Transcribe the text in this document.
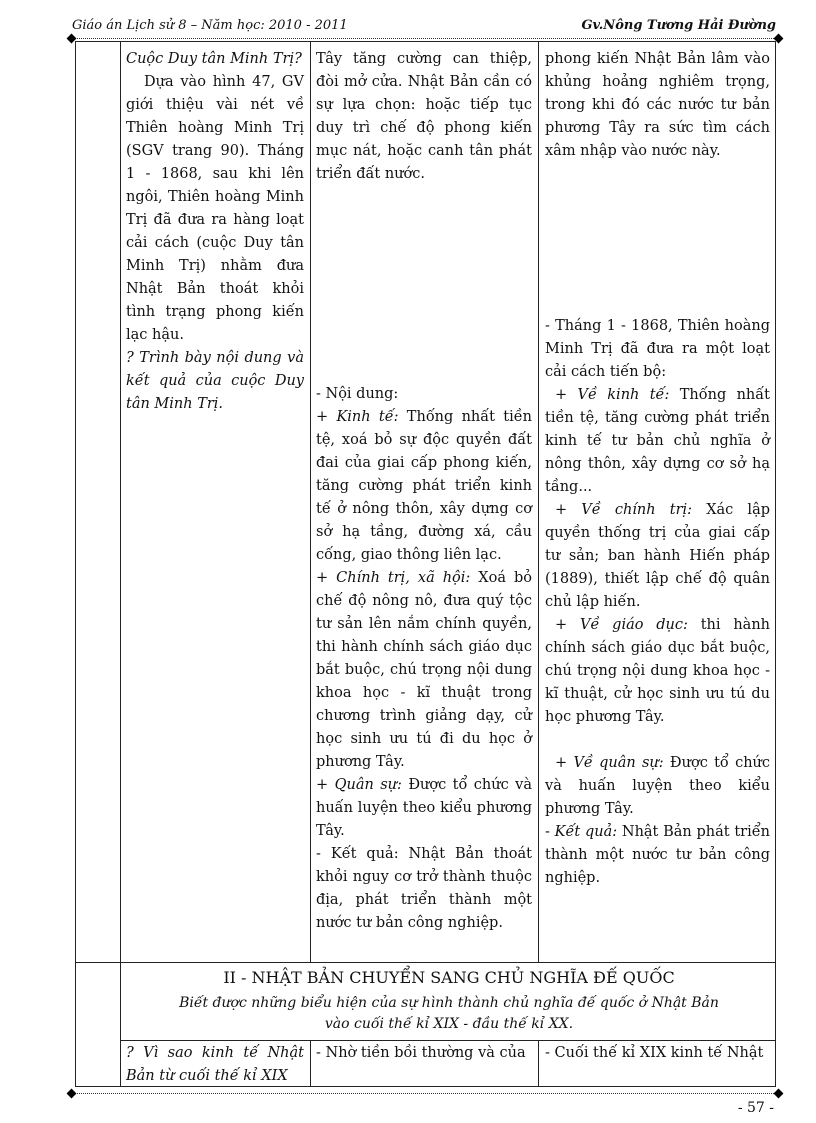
Giáo án Lịch sử 8 – Năm học: 2010 - 2011	Gv.Nông Tương Hải Đường

Cuộc Duy tân Minh Trị?

Dựa vào hình 47, GV giới thiệu vài nét về Thiên hoàng Minh Trị (SGV trang 90). Tháng 1 - 1868, sau khi lên ngôi, Thiên hoàng Minh Trị đã đưa ra hàng loạt cải cách (cuộc Duy tân Minh Trị) nhằm đưa Nhật Bản thoát khỏi tình trạng phong kiến lạc hậu.

? Trình bày nội dung và kết quả của cuộc Duy tân Minh Trị.

Tây tăng cường can thiệp, đòi mở cửa. Nhật Bản cần có sự lựa chọn: hoặc tiếp tục duy trì chế độ phong kiến mục nát, hoặc canh tân phát triển đất nước.

- Nội dung:

+ Kinh tế: Thống nhất tiền tệ, xoá bỏ sự độc quyền đất đai của giai cấp phong kiến, tăng cường phát triển kinh tế ở nông thôn, xây dựng cơ sở hạ tầng, đường xá, cầu cống, giao thông liên lạc.

+ Chính trị, xã hội: Xoá bỏ chế độ nông nô, đưa quý tộc tư sản lên nắm chính quyền, thi hành chính sách giáo dục bắt buộc, chú trọng nội dung khoa học - kĩ thuật trong chương trình giảng dạy, cử học sinh ưu tú đi du học ở phương Tây.

+ Quân sự: Được tổ chức và huấn luyện theo kiểu phương Tây.

- Kết quả: Nhật Bản thoát khỏi nguy cơ trở thành thuộc địa, phát triển thành một nước tư bản công nghiệp.

phong kiến Nhật Bản lâm vào khủng hoảng nghiêm trọng, trong khi đó các nước tư bản phương Tây ra sức tìm cách xâm nhập vào nước này.

- Tháng 1 - 1868, Thiên hoàng Minh Trị đã đưa ra một loạt cải cách tiến bộ:

+ Về kinh tế: Thống nhất tiền tệ, tăng cường phát triển kinh tế tư bản chủ nghĩa ở nông thôn, xây dựng cơ sở hạ tầng...

+ Về chính trị: Xác lập quyền thống trị của giai cấp tư sản; ban hành Hiến pháp (1889), thiết lập chế độ quân chủ lập hiến.

+ Về giáo dục: thi hành chính sách giáo dục bắt buộc, chú trọng nội dung khoa học - kĩ thuật, cử học sinh ưu tú du học phương Tây.

+ Về quân sự: Được tổ chức và huấn luyện theo kiểu phương Tây.

- Kết quả: Nhật Bản phát triển thành một nước tư bản công nghiệp.

II - NHẬT BẢN CHUYỂN SANG CHỦ NGHĨA ĐẾ QUỐC
Biết được những biểu hiện của sự hình thành chủ nghĩa đế quốc ở Nhật Bản
vào cuối thế kỉ XIX - đầu thế kỉ XX.
? Vì sao kinh tế Nhật Bản từ cuối thế kỉ XIX
- Nhờ tiền bồi thường và của	- Cuối thế kỉ XIX kinh tế Nhật
- 57 -
